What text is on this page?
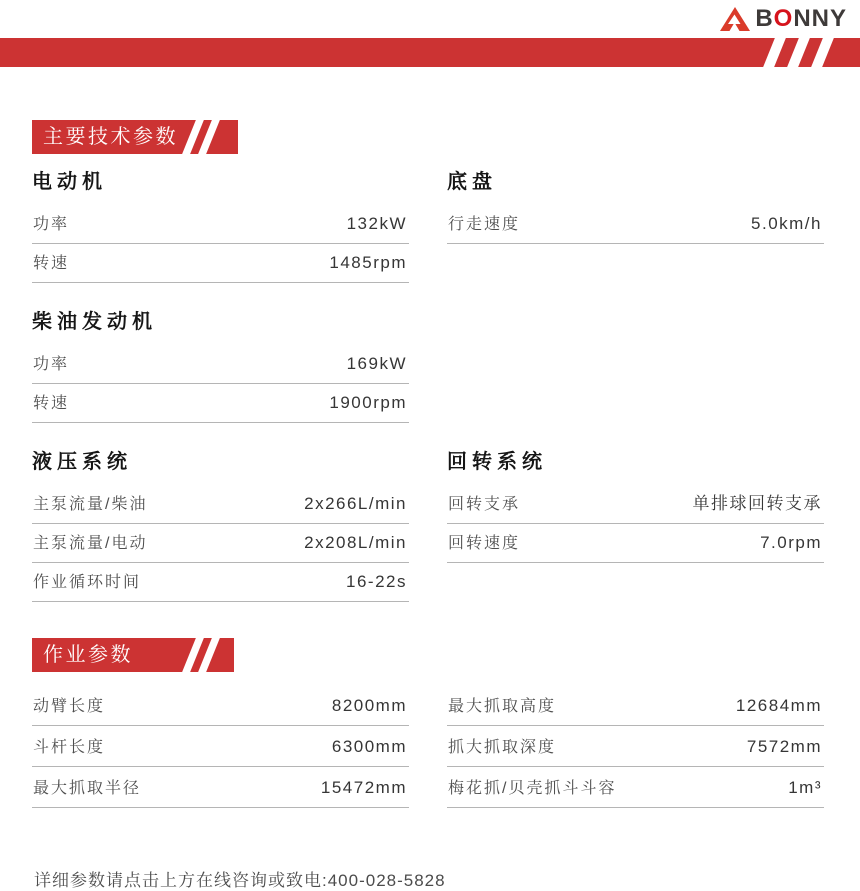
BONNY
主要技术参数
电动机
功率	132kW
转速	1485rpm
底盘
行走速度	5.0km/h
柴油发动机
功率	169kW
转速	1900rpm
液压系统
主泵流量/柴油	2x266L/min
主泵流量/电动	2x208L/min
作业循环时间	16-22s
回转系统
回转支承	单排球回转支承
回转速度	7.0rpm
作业参数
动臂长度	8200mm
斗杆长度	6300mm
最大抓取半径	15472mm
最大抓取高度	12684mm
抓大抓取深度	7572mm
梅花抓/贝壳抓斗斗容	1m³

详细参数请点击上方在线咨询或致电:400-028-5828
